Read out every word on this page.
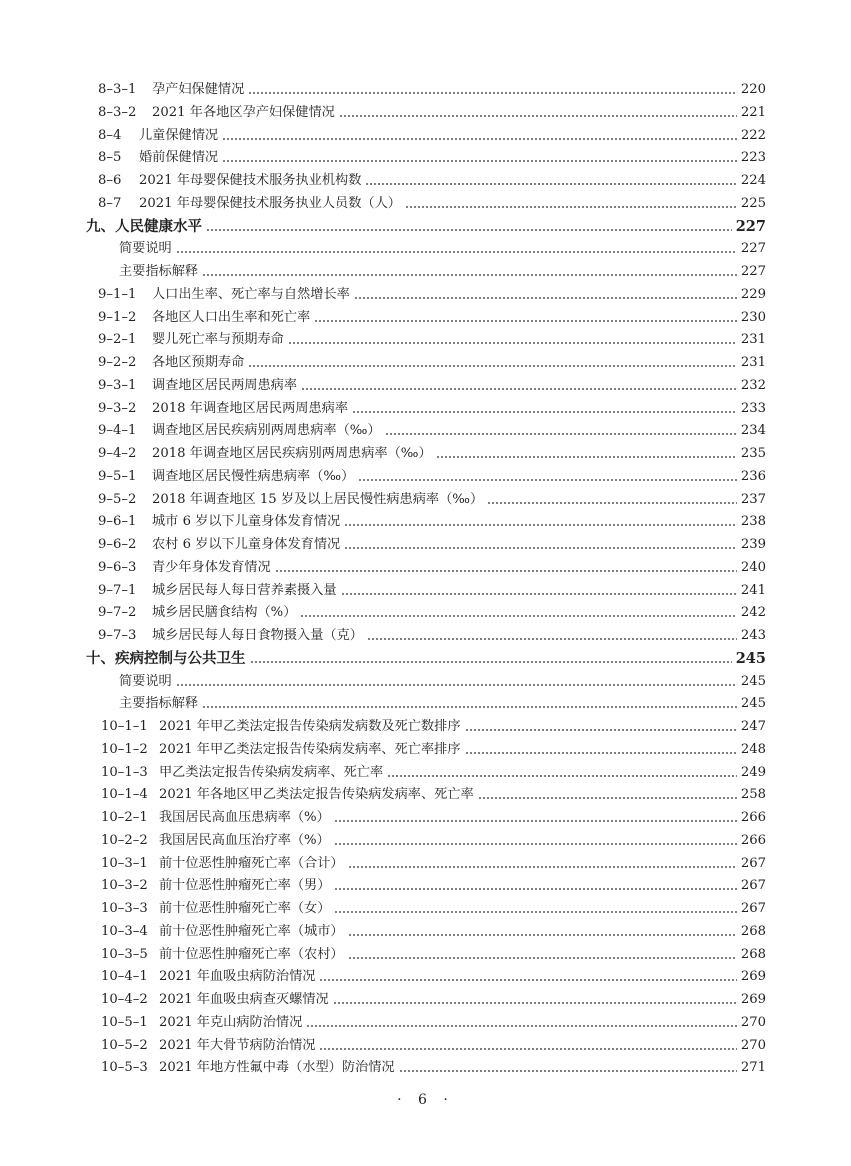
8–3–1	孕产妇保健情况	220
8–3–2	2021 年各地区孕产妇保健情况	221
8–4	儿童保健情况	222
8–5	婚前保健情况	223
8–6	2021 年母婴保健技术服务执业机构数	224
8–7	2021 年母婴保健技术服务执业人员数（人）	225
九、人民健康水平	227
简要说明	227
主要指标解释	227
9–1–1	人口出生率、死亡率与自然增长率	229
9–1–2	各地区人口出生率和死亡率	230
9–2–1	婴儿死亡率与预期寿命	231
9–2–2	各地区预期寿命	231
9–3–1	调查地区居民两周患病率	232
9–3–2	2018 年调查地区居民两周患病率	233
9–4–1	调查地区居民疾病别两周患病率（‰）	234
9–4–2	2018 年调查地区居民疾病别两周患病率（‰）	235
9–5–1	调查地区居民慢性病患病率（‰）	236
9–5–2	2018 年调查地区 15 岁及以上居民慢性病患病率（‰）	237
9–6–1	城市 6 岁以下儿童身体发育情况	238
9–6–2	农村 6 岁以下儿童身体发育情况	239
9–6–3	青少年身体发育情况	240
9–7–1	城乡居民每人每日营养素摄入量	241
9–7–2	城乡居民膳食结构（%）	242
9–7–3	城乡居民每人每日食物摄入量（克）	243
十、疾病控制与公共卫生	245
简要说明	245
主要指标解释	245
10–1–1 2021 年甲乙类法定报告传染病发病数及死亡数排序	247
10–1–2 2021 年甲乙类法定报告传染病发病率、死亡率排序	248
10–1–3 甲乙类法定报告传染病发病率、死亡率	249
10–1–4 2021 年各地区甲乙类法定报告传染病发病率、死亡率	258
10–2–1 我国居民高血压患病率（%）	266
10–2–2 我国居民高血压治疗率（%）	266
10–3–1 前十位恶性肿瘤死亡率（合计）	267
10–3–2 前十位恶性肿瘤死亡率（男）	267
10–3–3 前十位恶性肿瘤死亡率（女）	267
10–3–4 前十位恶性肿瘤死亡率（城市）	268
10–3–5 前十位恶性肿瘤死亡率（农村）	268
10–4–1 2021 年血吸虫病防治情况	269
10–4–2 2021 年血吸虫病查灭螺情况	269
10–5–1 2021 年克山病防治情况	270
10–5–2 2021 年大骨节病防治情况	270
10–5–3 2021 年地方性氟中毒（水型）防治情况	271
· 6 ·
